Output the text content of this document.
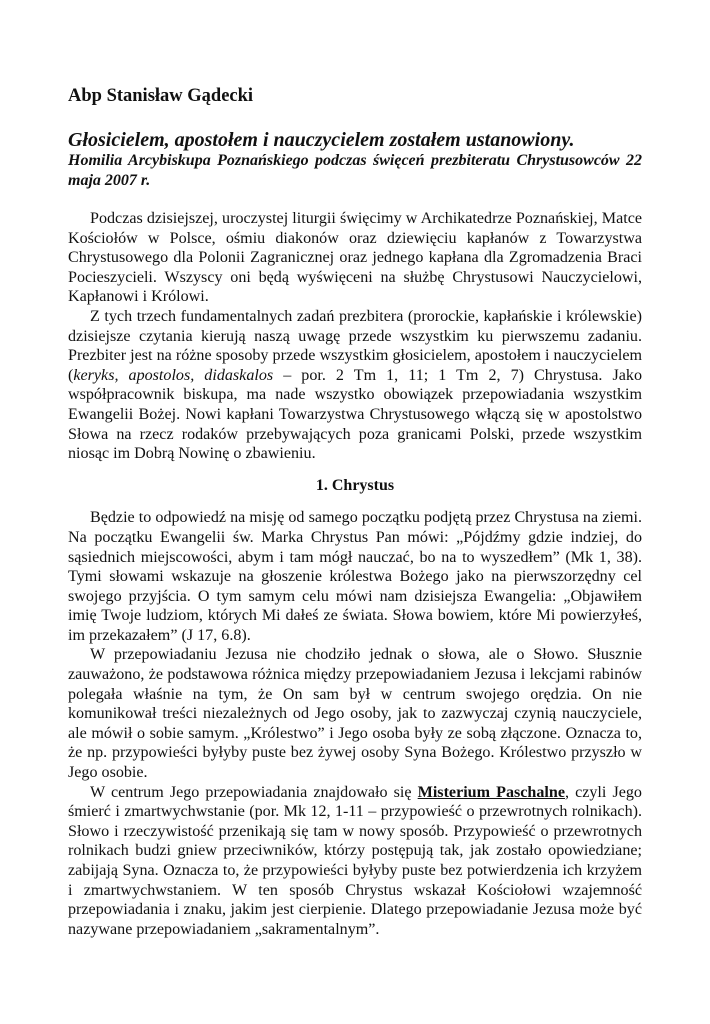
Abp Stanisław Gądecki
Głosicielem, apostołem i nauczycielem zostałem ustanowiony.
Homilia Arcybiskupa Poznańskiego podczas święceń prezbiteratu Chrystusowców 22 maja 2007 r.

Podczas dzisiejszej, uroczystej liturgii święcimy w Archikatedrze Poznańskiej, Matce Kościołów w Polsce, ośmiu diakonów oraz dziewięciu kapłanów z Towarzystwa Chrystusowego dla Polonii Zagranicznej oraz jednego kapłana dla Zgromadzenia Braci Pocieszycieli. Wszyscy oni będą wyświęceni na służbę Chrystusowi Nauczycielowi, Kapłanowi i Królowi.

Z tych trzech fundamentalnych zadań prezbitera (prorockie, kapłańskie i królewskie) dzisiejsze czytania kierują naszą uwagę przede wszystkim ku pierwszemu zadaniu. Prezbiter jest na różne sposoby przede wszystkim głosicielem, apostołem i nauczycielem (keryks, apostolos, didaskalos – por. 2 Tm 1, 11; 1 Tm 2, 7) Chrystusa. Jako współpracownik biskupa, ma nade wszystko obowiązek przepowiadania wszystkim Ewangelii Bożej. Nowi kapłani Towarzystwa Chrystusowego włączą się w apostolstwo Słowa na rzecz rodaków przebywających poza granicami Polski, przede wszystkim niosąc im Dobrą Nowinę o zbawieniu.

1. Chrystus

Będzie to odpowiedź na misję od samego początku podjętą przez Chrystusa na ziemi. Na początku Ewangelii św. Marka Chrystus Pan mówi: „Pójdźmy gdzie indziej, do sąsiednich miejscowości, abym i tam mógł nauczać, bo na to wyszedłem” (Mk 1, 38). Tymi słowami wskazuje na głoszenie królestwa Bożego jako na pierwszorzędny cel swojego przyjścia. O tym samym celu mówi nam dzisiejsza Ewangelia: „Objawiłem imię Twoje ludziom, których Mi dałeś ze świata. Słowa bowiem, które Mi powierzyłeś, im przekazałem” (J 17, 6.8).

W przepowiadaniu Jezusa nie chodziło jednak o słowa, ale o Słowo. Słusznie zauważono, że podstawowa różnica między przepowiadaniem Jezusa i lekcjami rabinów polegała właśnie na tym, że On sam był w centrum swojego orędzia. On nie komunikował treści niezależnych od Jego osoby, jak to zazwyczaj czynią nauczyciele, ale mówił o sobie samym. „Królestwo” i Jego osoba były ze sobą złączone. Oznacza to, że np. przypowieści byłyby puste bez żywej osoby Syna Bożego. Królestwo przyszło w Jego osobie.

W centrum Jego przepowiadania znajdowało się Misterium Paschalne, czyli Jego śmierć i zmartwychwstanie (por. Mk 12, 1-11 – przypowieść o przewrotnych rolnikach). Słowo i rzeczywistość przenikają się tam w nowy sposób. Przypowieść o przewrotnych rolnikach budzi gniew przeciwników, którzy postępują tak, jak zostało opowiedziane; zabijają Syna. Oznacza to, że przypowieści byłyby puste bez potwierdzenia ich krzyżem i zmartwychwstaniem. W ten sposób Chrystus wskazał Kościołowi wzajemność przepowiadania i znaku, jakim jest cierpienie. Dlatego przepowiadanie Jezusa może być nazywane przepowiadaniem „sakramentalnym”.
